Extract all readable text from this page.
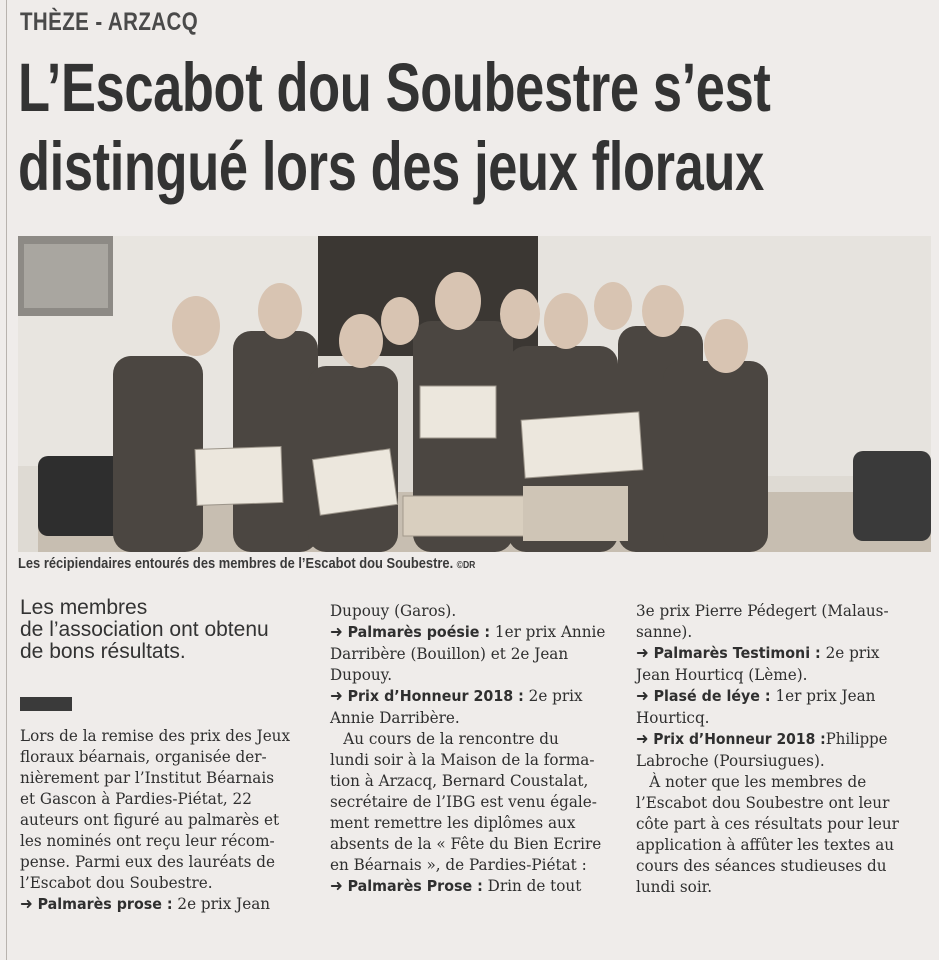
THÈZE - ARZACQ
L’Escabot dou Soubestre s’est
distingué lors des jeux floraux
Les récipiendaires entourés des membres de l’Escabot dou Soubestre. ©DR
Les membres
de l’association ont obtenu
de bons résultats.

Lors de la remise des prix des Jeux
floraux béarnais, organisée der-
nièrement par l’Institut Béarnais
et Gascon à Pardies-Piétat, 22
auteurs ont figuré au palmarès et
les nominés ont reçu leur récom-
pense. Parmi eux des lauréats de
l’Escabot dou Soubestre.
➜ Palmarès prose : 2e prix Jean

Dupouy (Garos).
➜ Palmarès poésie : 1er prix Annie
Darribère (Bouillon) et 2e Jean
Dupouy.
➜ Prix d’Honneur 2018 : 2e prix
Annie Darribère.
Au cours de la rencontre du
lundi soir à la Maison de la forma-
tion à Arzacq, Bernard Coustalat,
secrétaire de l’IBG est venu égale-
ment remettre les diplômes aux
absents de la « Fête du Bien Ecrire
en Béarnais », de Pardies-Piétat :
➜ Palmarès Prose : Drin de tout

3e prix Pierre Pédegert (Malaus-
sanne).
➜ Palmarès Testimoni : 2e prix
Jean Hourticq (Lème).
➜ Plasé de léye : 1er prix Jean
Hourticq.
➜ Prix d’Honneur 2018 :Philippe
Labroche (Poursiugues).
À noter que les membres de
l’Escabot dou Soubestre ont leur
côte part à ces résultats pour leur
application à affûter les textes au
cours des séances studieuses du
lundi soir.
